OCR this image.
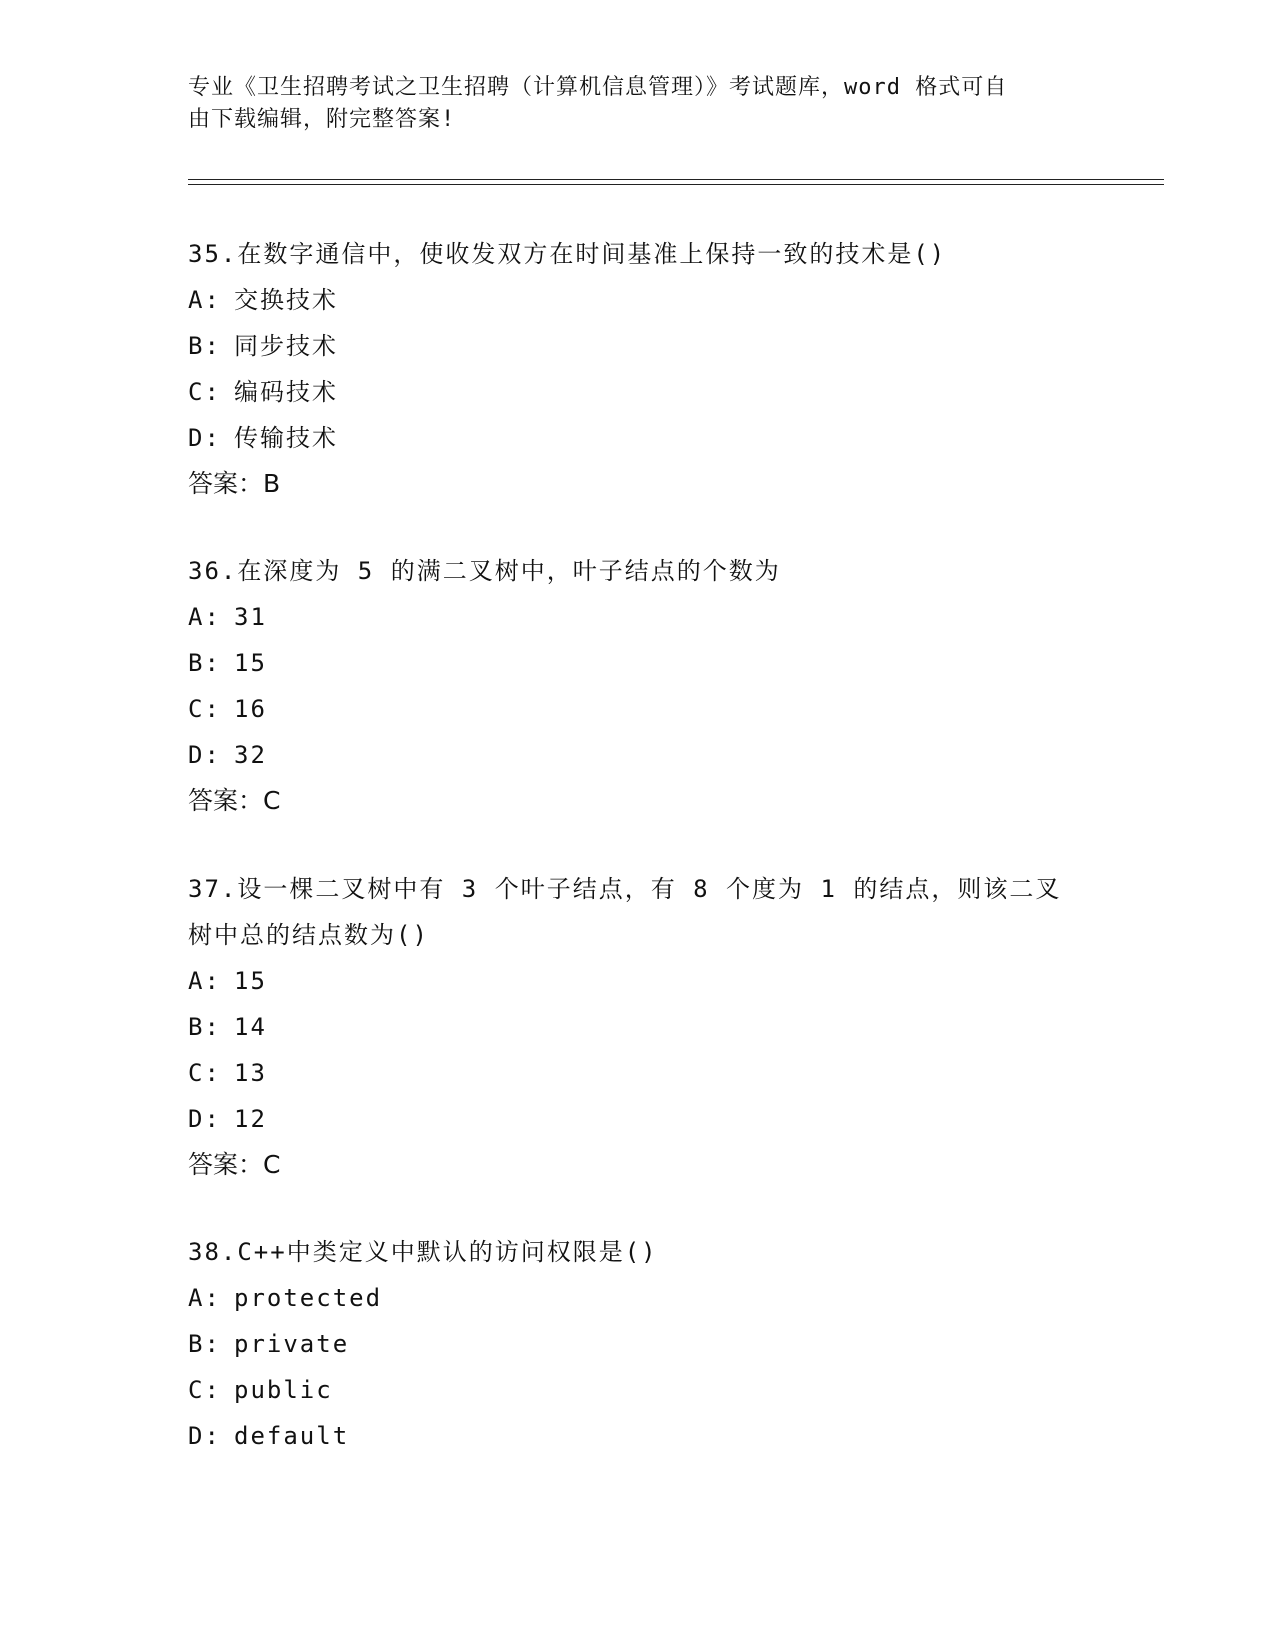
专业《卫生招聘考试之卫生招聘（计算机信息管理）》考试题库，word 格式可自
由下载编辑，附完整答案!

35.在数字通信中，使收发双方在时间基准上保持一致的技术是()

A: 交换技术

B: 同步技术

C: 编码技术

D: 传输技术

答案：B

36.在深度为 5 的满二叉树中，叶子结点的个数为

A: 31

B: 15

C: 16

D: 32

答案：C

37.设一棵二叉树中有 3 个叶子结点，有 8 个度为 1 的结点，则该二叉

树中总的结点数为()

A: 15

B: 14

C: 13

D: 12

答案：C

38.C++中类定义中默认的访问权限是()

A: protected

B: private

C: public

D: default
